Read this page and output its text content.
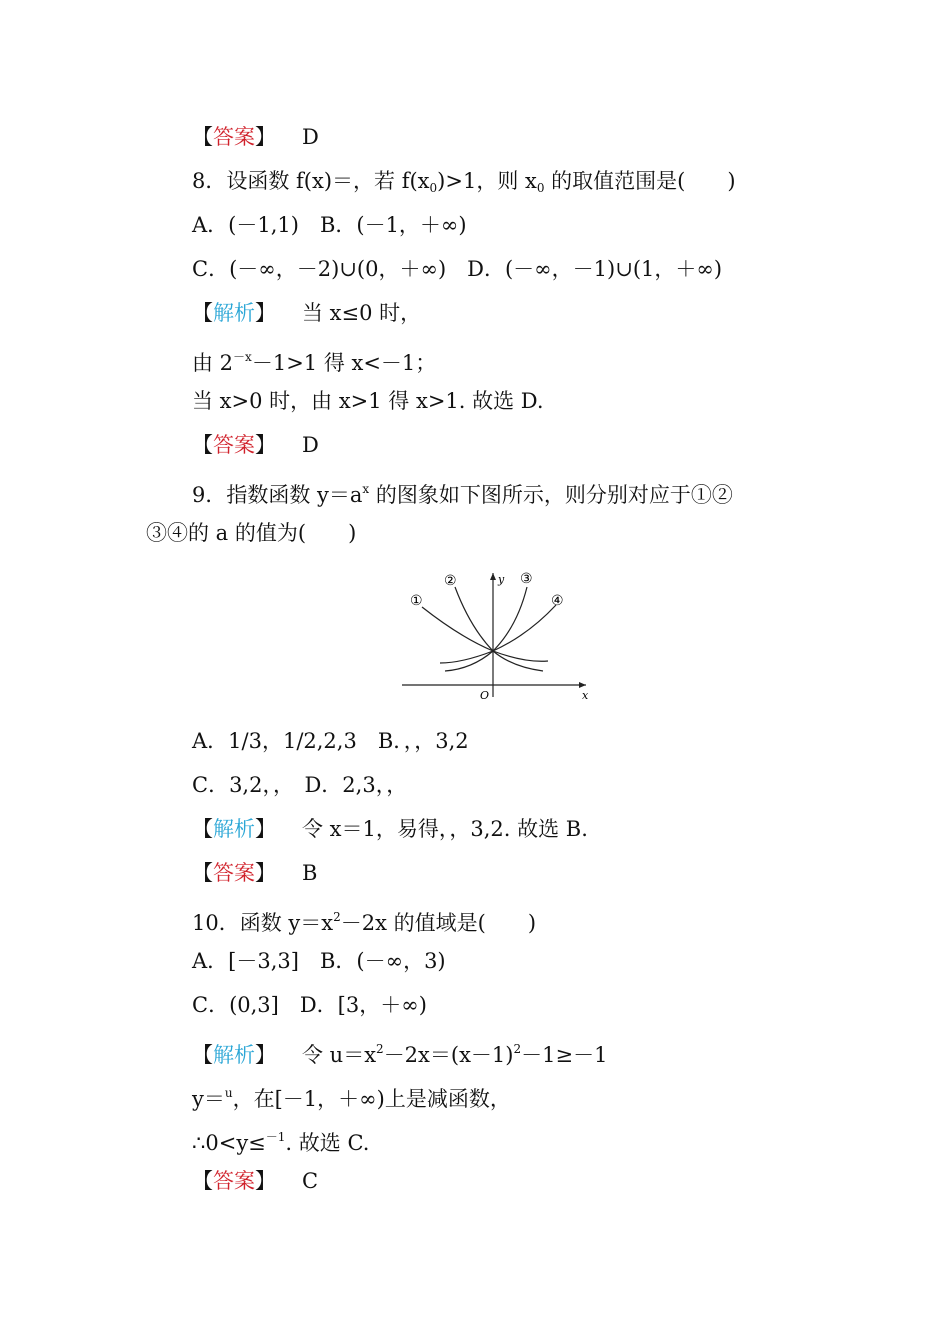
【答案】 D
8．设函数 f(x)＝，若 $f(x_0)>1$，则 $x_0$ 的取值范围是(　　)
A．(－1,1)　B．(－1，＋∞)
C．(－∞，－2)∪(0，＋∞)　D．(－∞，－1)∪(1，＋∞)
【解析】 当 x≤0 时，
由 $2^{-x}-1>1$ 得 x<－1；
当 x>0 时，由 x>1 得 x>1. 故选 D.
【答案】 D
9．指数函数 $y=a^x$ 的图象如下图所示，则分别对应于①②
③④的 a 的值为(　　)
x
y
O
①
②	③
④
A．1/3，1/2,2,3　B．，，3,2
C．3,2，，　D．2,3，，
【解析】 令 x＝1，易得，，3,2. 故选 B.
【答案】 B
10．函数 $y=x^2-2x$ 的值域是(　　)
A．[－3,3]　B．(－∞，3)
C．(0,3]　D．[3，＋∞)
【解析】 令 $u=x^2-2x=(x-1)^2-1\ge-1$
y＝$^u$，在[－1，＋∞)上是减函数，
∴0<y≤$^{-1}$. 故选 C.
【答案】 C
